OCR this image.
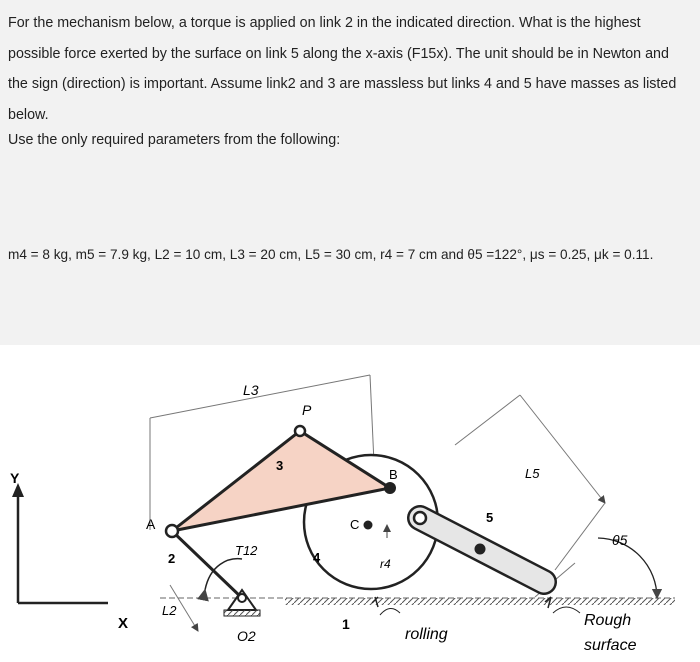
For the mechanism below, a torque is applied on link 2 in the indicated direction. What is the highest possible force exerted by the surface on link 5 along the x-axis (F15x). The unit should be in Newton and the sign (direction) is important. Assume link2 and 3 are massless but links 4 and 5 have masses as listed below.
Use the only required parameters from the following:
m4 = 8 kg, m5 = 7.9 kg, L2 = 10 cm, L3 = 20 cm, L5 = 30 cm, r4 = 7 cm and θ5 =122°, μs = 0.25, μk = 0.11.
Y
X
L3
L2
L5
2
T12
O2
4
C
r4
1
rolling
3
A
P
B
5
θ5
Rough
surface
